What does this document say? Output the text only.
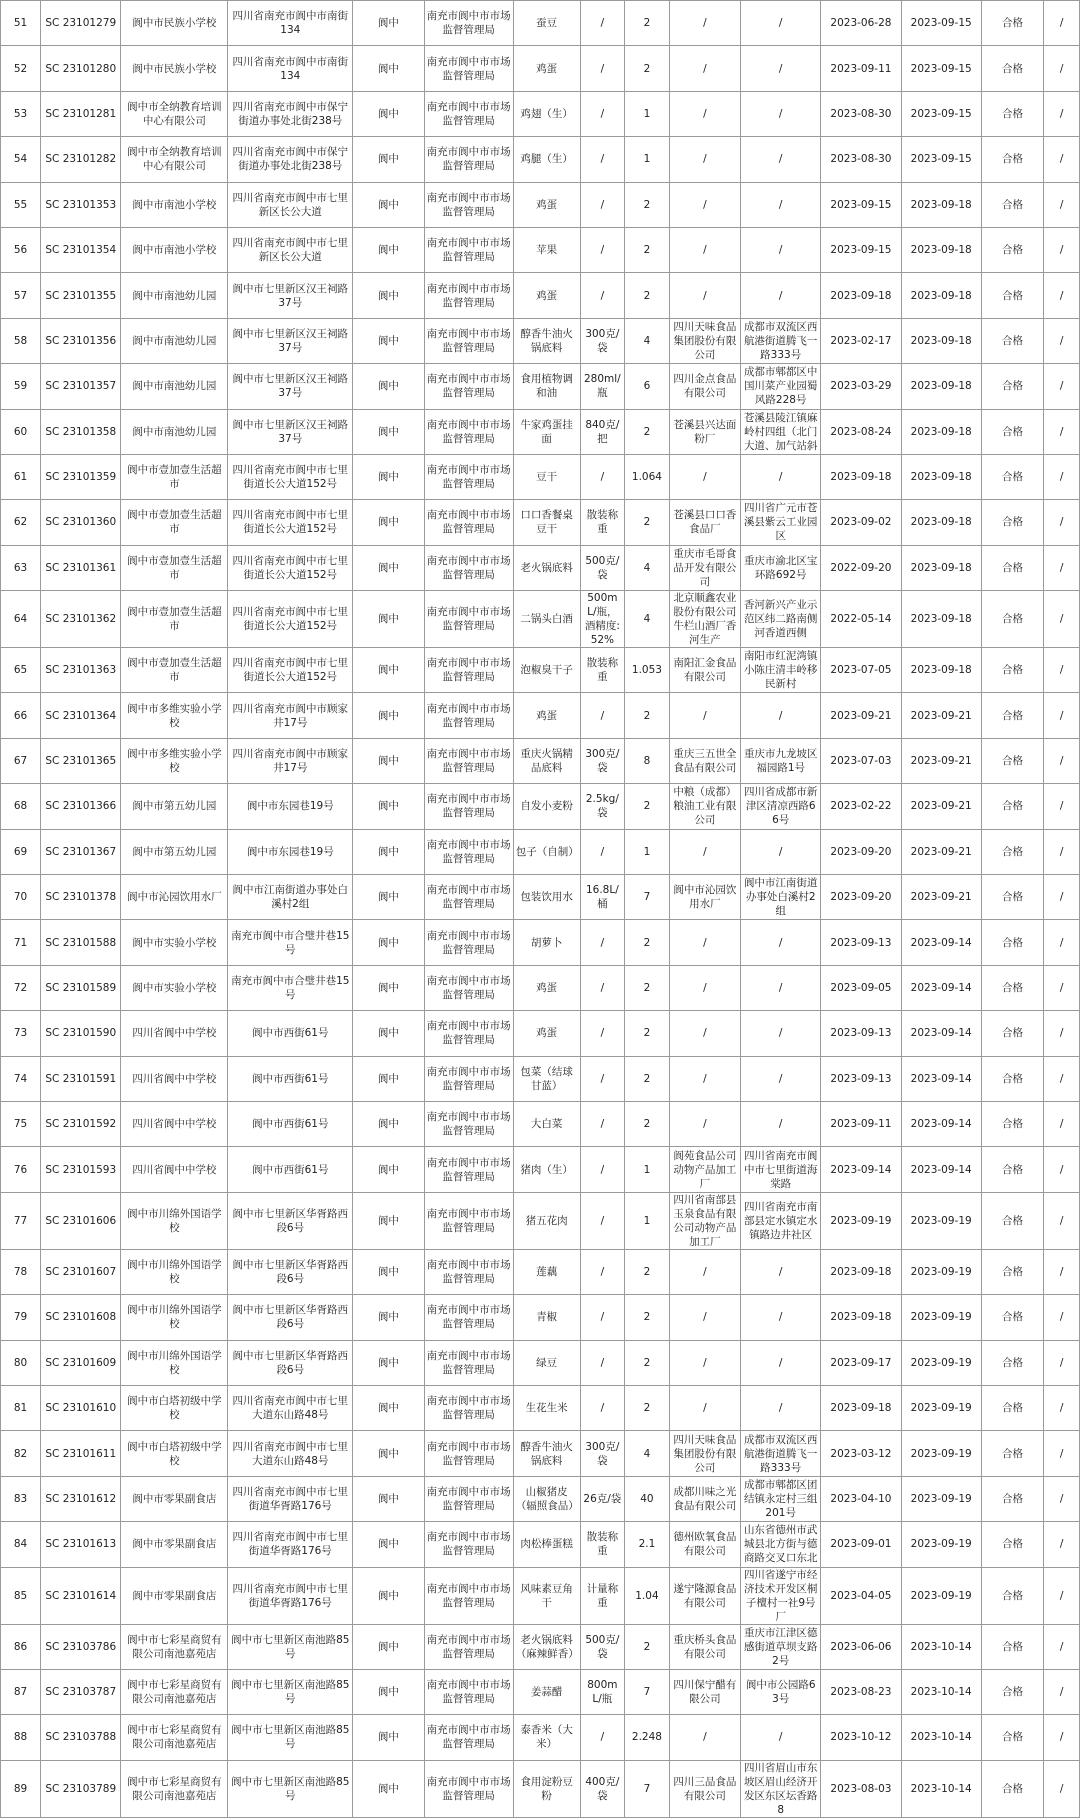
51	SC 23101279	阆中市民族小学校	四川省南充市阆中市南街134	阆中	南充市阆中市市场监督管理局	蚕豆	/	2	/	/	2023-06-28	2023-09-15	合格	/
52	SC 23101280	阆中市民族小学校	四川省南充市阆中市南街134	阆中	南充市阆中市市场监督管理局	鸡蛋	/	2	/	/	2023-09-11	2023-09-15	合格	/
53	SC 23101281	阆中市全纳教育培训中心有限公司	四川省南充市阆中市保宁街道办事处北街238号	阆中	南充市阆中市市场监督管理局	鸡翅（生）	/	1	/	/	2023-08-30	2023-09-15	合格	/
54	SC 23101282	阆中市全纳教育培训中心有限公司	四川省南充市阆中市保宁街道办事处北街238号	阆中	南充市阆中市市场监督管理局	鸡腿（生）	/	1	/	/	2023-08-30	2023-09-15	合格	/
55	SC 23101353	阆中市南池小学校	四川省南充市阆中市七里新区长公大道	阆中	南充市阆中市市场监督管理局	鸡蛋	/	2	/	/	2023-09-15	2023-09-18	合格	/
56	SC 23101354	阆中市南池小学校	四川省南充市阆中市七里新区长公大道	阆中	南充市阆中市市场监督管理局	苹果	/	2	/	/	2023-09-15	2023-09-18	合格	/
57	SC 23101355	阆中市南池幼儿园	阆中市七里新区汉王祠路37号	阆中	南充市阆中市市场监督管理局	鸡蛋	/	2	/	/	2023-09-18	2023-09-18	合格	/
58	SC 23101356	阆中市南池幼儿园	阆中市七里新区汉王祠路37号	阆中	南充市阆中市市场监督管理局	醇香牛油火锅底料	300克/袋	4	四川天味食品集团股份有限公司	成都市双流区西航港街道腾飞一路333号	2023-02-17	2023-09-18	合格	/
59	SC 23101357	阆中市南池幼儿园	阆中市七里新区汉王祠路37号	阆中	南充市阆中市市场监督管理局	食用植物调和油	280ml/瓶	6	四川金点食品有限公司	成都市郫都区中国川菜产业园蜀风路228号	2023-03-29	2023-09-18	合格	/
60	SC 23101358	阆中市南池幼儿园	阆中市七里新区汉王祠路37号	阆中	南充市阆中市市场监督管理局	牛家鸡蛋挂面	840克/把	2	苍溪县兴达面粉厂	苍溪县陵江镇麻岭村四组（北门大道、加气站斜	2023-08-24	2023-09-18	合格	/
61	SC 23101359	阆中市壹加壹生活超市	四川省南充市阆中市七里街道长公大道152号	阆中	南充市阆中市市场监督管理局	豆干	/	1.064	/	/	2023-09-18	2023-09-18	合格	/
62	SC 23101360	阆中市壹加壹生活超市	四川省南充市阆中市七里街道长公大道152号	阆中	南充市阆中市市场监督管理局	口口香餐桌豆干	散装称重	2	苍溪县口口香食品厂	四川省广元市苍溪县紫云工业园区	2023-09-02	2023-09-18	合格	/
63	SC 23101361	阆中市壹加壹生活超市	四川省南充市阆中市七里街道长公大道152号	阆中	南充市阆中市市场监督管理局	老火锅底料	500克/袋	4	重庆市毛哥食品开发有限公司	重庆市渝北区宝环路692号	2022-09-20	2023-09-18	合格	/
64	SC 23101362	阆中市壹加壹生活超市	四川省南充市阆中市七里街道长公大道152号	阆中	南充市阆中市市场监督管理局	二锅头白酒	500mL/瓶，酒精度:52%	4	北京顺鑫农业股份有限公司牛栏山酒厂香河生产	香河新兴产业示范区纬二路南侧河香道西侧	2022-05-14	2023-09-18	合格	/
65	SC 23101363	阆中市壹加壹生活超市	四川省南充市阆中市七里街道长公大道152号	阆中	南充市阆中市市场监督管理局	泡椒臭干子	散装称重	1.053	南阳汇金食品有限公司	南阳市红泥湾镇小陈庄清丰岭移民新村	2023-07-05	2023-09-18	合格	/
66	SC 23101364	阆中市多维实验小学校	四川省南充市阆中市顾家井17号	阆中	南充市阆中市市场监督管理局	鸡蛋	/	2	/	/	2023-09-21	2023-09-21	合格	/
67	SC 23101365	阆中市多维实验小学校	四川省南充市阆中市顾家井17号	阆中	南充市阆中市市场监督管理局	重庆火锅精品底料	300克/袋	8	重庆三五世全食品有限公司	重庆市九龙坡区福园路1号	2023-07-03	2023-09-21	合格	/
68	SC 23101366	阆中市第五幼儿园	阆中市东园巷19号	阆中	南充市阆中市市场监督管理局	自发小麦粉	2.5kg/袋	2	中粮（成都）粮油工业有限公司	四川省成都市新津区清凉西路66号	2023-02-22	2023-09-21	合格	/
69	SC 23101367	阆中市第五幼儿园	阆中市东园巷19号	阆中	南充市阆中市市场监督管理局	包子（自制）	/	1	/	/	2023-09-20	2023-09-21	合格	/
70	SC 23101378	阆中市沁园饮用水厂	阆中市江南街道办事处白溪村2组	阆中	南充市阆中市市场监督管理局	包装饮用水	16.8L/桶	7	阆中市沁园饮用水厂	阆中市江南街道办事处白溪村2组	2023-09-20	2023-09-21	合格	/
71	SC 23101588	阆中市实验小学校	南充市阆中市合璧井巷15号	阆中	南充市阆中市市场监督管理局	胡萝卜	/	2	/	/	2023-09-13	2023-09-14	合格	/
72	SC 23101589	阆中市实验小学校	南充市阆中市合璧井巷15号	阆中	南充市阆中市市场监督管理局	鸡蛋	/	2	/	/	2023-09-05	2023-09-14	合格	/
73	SC 23101590	四川省阆中中学校	阆中市西街61号	阆中	南充市阆中市市场监督管理局	鸡蛋	/	2	/	/	2023-09-13	2023-09-14	合格	/
74	SC 23101591	四川省阆中中学校	阆中市西街61号	阆中	南充市阆中市市场监督管理局	包菜（结球甘蓝）	/	2	/	/	2023-09-13	2023-09-14	合格	/
75	SC 23101592	四川省阆中中学校	阆中市西街61号	阆中	南充市阆中市市场监督管理局	大白菜	/	2	/	/	2023-09-11	2023-09-14	合格	/
76	SC 23101593	四川省阆中中学校	阆中市西街61号	阆中	南充市阆中市市场监督管理局	猪肉（生）	/	1	阆苑食品公司 动物产品加工厂	四川省南充市阆中市七里街道海棠路	2023-09-14	2023-09-14	合格	/
77	SC 23101606	阆中市川绵外国语学校	阆中市七里新区华胥路西段6号	阆中	南充市阆中市市场监督管理局	猪五花肉	/	1	四川省南部县玉泉食品有限公司动物产品加工厂	四川省南充市南部县定水镇定水镇路边井社区	2023-09-19	2023-09-19	合格	/
78	SC 23101607	阆中市川绵外国语学校	阆中市七里新区华胥路西段6号	阆中	南充市阆中市市场监督管理局	莲藕	/	2	/	/	2023-09-18	2023-09-19	合格	/
79	SC 23101608	阆中市川绵外国语学校	阆中市七里新区华胥路西段6号	阆中	南充市阆中市市场监督管理局	青椒	/	2	/	/	2023-09-18	2023-09-19	合格	/
80	SC 23101609	阆中市川绵外国语学校	阆中市七里新区华胥路西段6号	阆中	南充市阆中市市场监督管理局	绿豆	/	2	/	/	2023-09-17	2023-09-19	合格	/
81	SC 23101610	阆中市白塔初级中学校	四川省南充市阆中市七里大道东山路48号	阆中	南充市阆中市市场监督管理局	生花生米	/	2	/	/	2023-09-18	2023-09-19	合格	/
82	SC 23101611	阆中市白塔初级中学校	四川省南充市阆中市七里大道东山路48号	阆中	南充市阆中市市场监督管理局	醇香牛油火锅底料	300克/袋	4	四川天味食品集团股份有限公司	成都市双流区西航港街道腾飞一路333号	2023-03-12	2023-09-19	合格	/
83	SC 23101612	阆中市零果副食店	四川省南充市阆中市七里街道华胥路176号	阆中	南充市阆中市市场监督管理局	山椒猪皮（辐照食品）	26克/袋	40	成都川味之光食品有限公司	成都市郫都区团结镇永定村三组201号	2023-04-10	2023-09-19	合格	/
84	SC 23101613	阆中市零果副食店	四川省南充市阆中市七里街道华胥路176号	阆中	南充市阆中市市场监督管理局	肉松棒蛋糕	散装称重	2.1	德州欧氧食品有限公司	山东省德州市武城县北方街与德商路交叉口东北	2023-09-01	2023-09-19	合格	/
85	SC 23101614	阆中市零果副食店	四川省南充市阆中市七里街道华胥路176号	阆中	南充市阆中市市场监督管理局	风味素豆角干	计量称重	1.04	遂宁隆源食品有限公司	四川省遂宁市经济技术开发区桐子檀村一社9号厂	2023-04-05	2023-09-19	合格	/
86	SC 23103786	阆中市七彩星商贸有限公司南池嘉苑店	阆中市七里新区南池路85号	阆中	南充市阆中市市场监督管理局	老火锅底料（麻辣鲜香）	500克/袋	2	重庆桥头食品有限公司	重庆市江津区德感街道草坝支路2号	2023-06-06	2023-10-14	合格	/
87	SC 23103787	阆中市七彩星商贸有限公司南池嘉苑店	阆中市七里新区南池路85号	阆中	南充市阆中市市场监督管理局	姜蒜醋	800mL/瓶	7	四川保宁醋有限公司	阆中市公园路63号	2023-08-23	2023-10-14	合格	/
88	SC 23103788	阆中市七彩星商贸有限公司南池嘉苑店	阆中市七里新区南池路85号	阆中	南充市阆中市市场监督管理局	泰香米（大米）	/	2.248	/	/	2023-10-12	2023-10-14	合格	/
89	SC 23103789	阆中市七彩星商贸有限公司南池嘉苑店	阆中市七里新区南池路85号	阆中	南充市阆中市市场监督管理局	食用淀粉豆粉	400克/袋	7	四川三品食品有限公司	四川省眉山市东坡区眉山经济开发区东区坛香路8	2023-08-03	2023-10-14	合格	/
